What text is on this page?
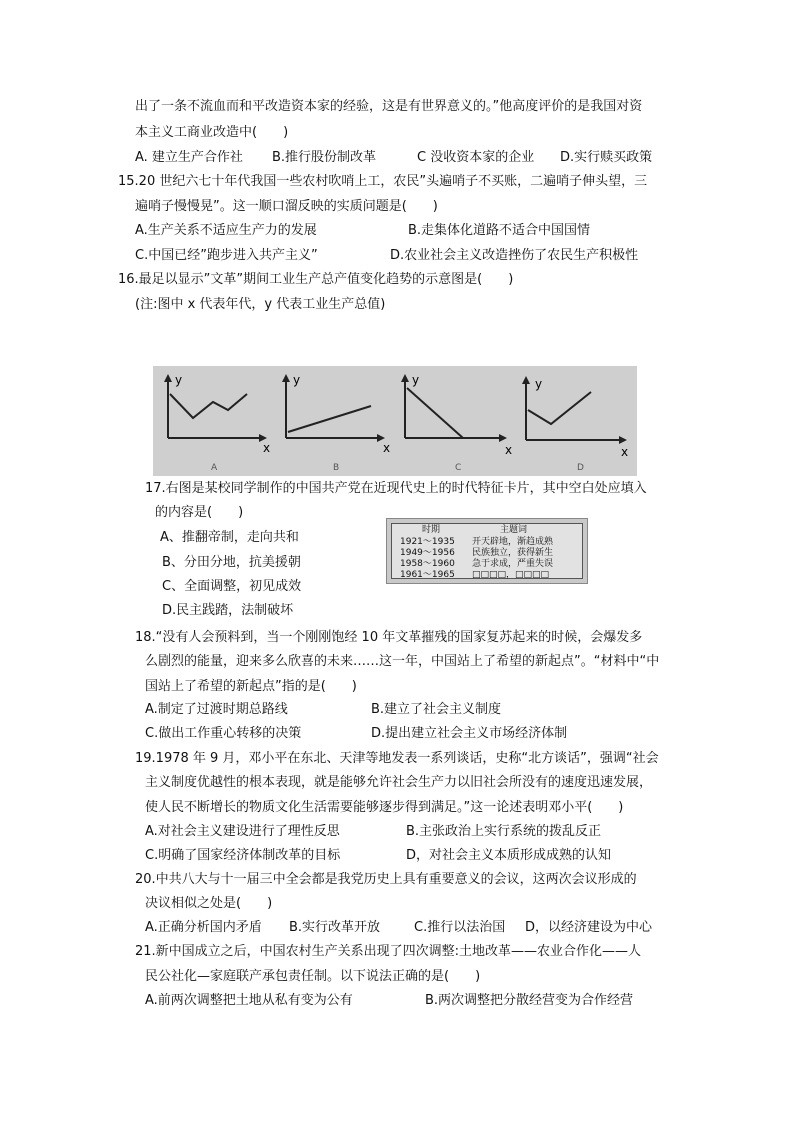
出了一条不流血而和平改造资本家的经验，这是有世界意义的。”他高度评价的是我国对资
本主义工商业改造中(　　)
A. 建立生产合作社 B.推行股份制改革	C 没收资本家的企业 D.实行赎买政策
15.20 世纪六七十年代我国一些农村吹哨上工，农民”头遍哨子不买账，二遍哨子伸头望，三
遍哨子慢慢晃”。这一顺口溜反映的实质问题是(　　)
A.生产关系不适应生产力的发展	B.走集体化道路不适合中国国情
C.中国已经”跑步进入共产主义”	D.农业社会主义改造挫伤了农民生产积极性
16.最足以显示”文革”期间工业生产总产值变化趋势的示意图是(　　)
(注:图中 x 代表年代，y 代表工业生产总值)
y
x
A
y
x
B
y
x
C
y
x
D
17.右图是某校同学制作的中国共产党在近现代史上的时代特征卡片，其中空白处应填入
的内容是(　　)
A、推翻帝制，走向共和
B、分田分地，抗美援朝
C、全面调整，初见成效
D.民主践踏，法制破坏
时期	主题词
1921～1935 开天辟地，渐趋成熟
1949～1956 民族独立，获得新生
1958～1960 急于求成，严重失误
1961～1965 □□□□，□□□□
18.“没有人会预料到，当一个刚刚饱经 10 年文革摧残的国家复苏起来的时候，会爆发多
么剧烈的能量，迎来多么欣喜的未来……这一年，中国站上了希望的新起点”。“材料中“中
国站上了希望的新起点”指的是(　　)
A.制定了过渡时期总路线	B.建立了社会主义制度
C.做出工作重心转移的决策	D.提出建立社会主义市场经济体制
19.1978 年 9 月，邓小平在东北、天津等地发表一系列谈话，史称“北方谈话”，强调“社会
主义制度优越性的根本表现，就是能够允许社会生产力以旧社会所没有的速度迅速发展，
使人民不断增长的物质文化生活需要能够逐步得到满足。”这一论述表明邓小平(　　)
A.对社会主义建设进行了理性反思	B.主张政治上实行系统的拨乱反正
C.明确了国家经济体制改革的目标	D，对社会主义本质形成成熟的认知
20.中共八大与十一届三中全会都是我党历史上具有重要意义的会议，这两次会议形成的
决议相似之处是(　　)
A.正确分析国内矛盾 B.实行改革开放	C.推行以法治国 D，以经济建设为中心
21.新中国成立之后，中国农村生产关系出现了四次调整:土地改革——农业合作化——人
民公社化—家庭联产承包责任制。以下说法正确的是(　　)
A.前两次调整把土地从私有变为公有	B.两次调整把分散经营变为合作经营
